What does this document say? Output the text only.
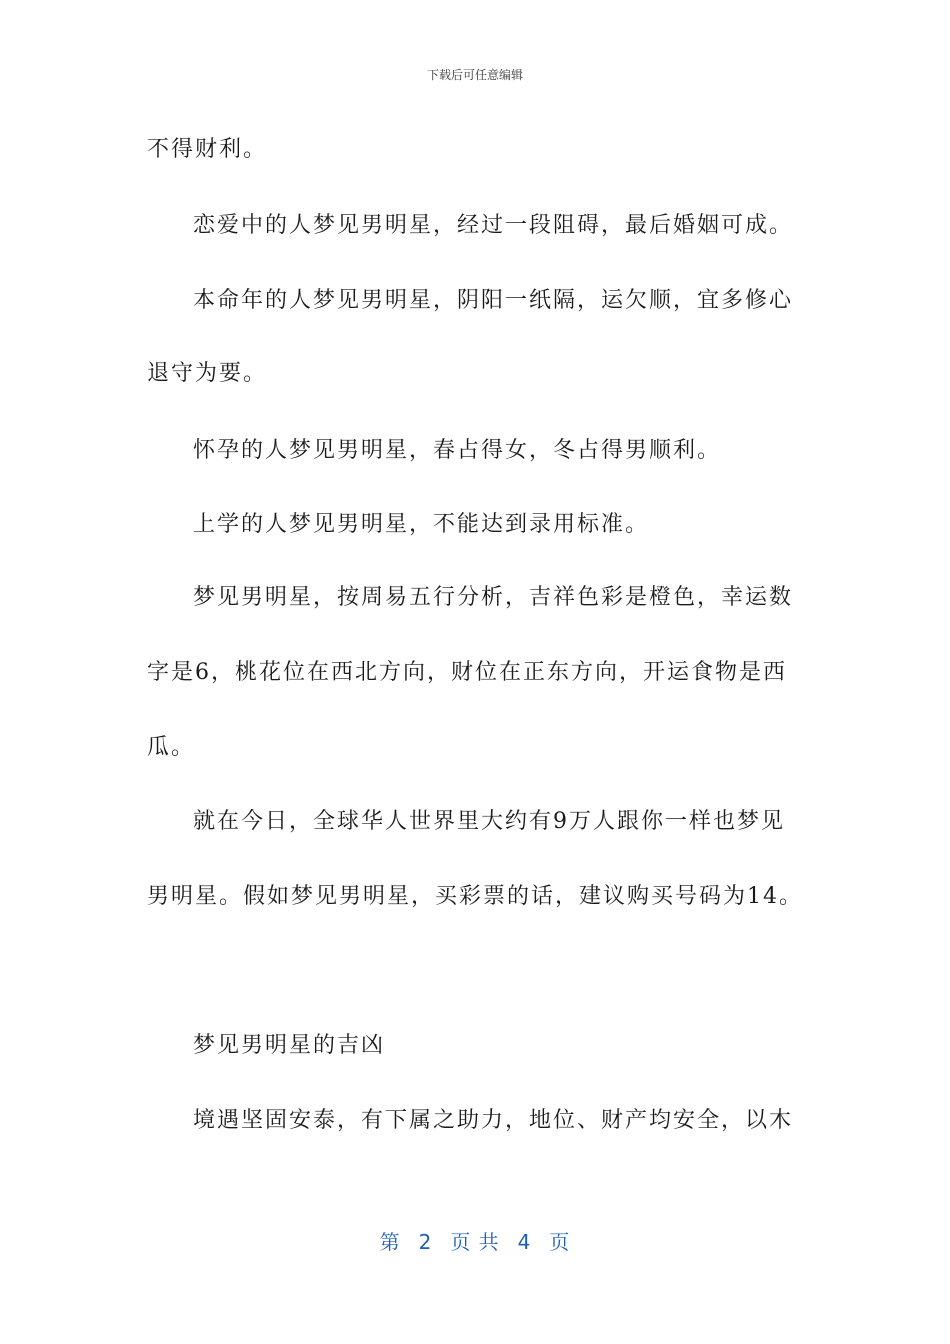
下载后可任意编辑
不得财利。
恋爱中的人梦见男明星，经过一段阻碍，最后婚姻可成。
本命年的人梦见男明星，阴阳一纸隔，运欠顺，宜多修心
退守为要。
怀孕的人梦见男明星，春占得女，冬占得男顺利。
上学的人梦见男明星，不能达到录用标准。
梦见男明星，按周易五行分析，吉祥色彩是橙色，幸运数
字是6，桃花位在西北方向，财位在正东方向，开运食物是西
瓜。
就在今日，全球华人世界里大约有9万人跟你一样也梦见
男明星。假如梦见男明星，买彩票的话，建议购买号码为14。
梦见男明星的吉凶
境遇坚固安泰，有下属之助力，地位、财产均安全，以木
第 2 页 共 4 页
